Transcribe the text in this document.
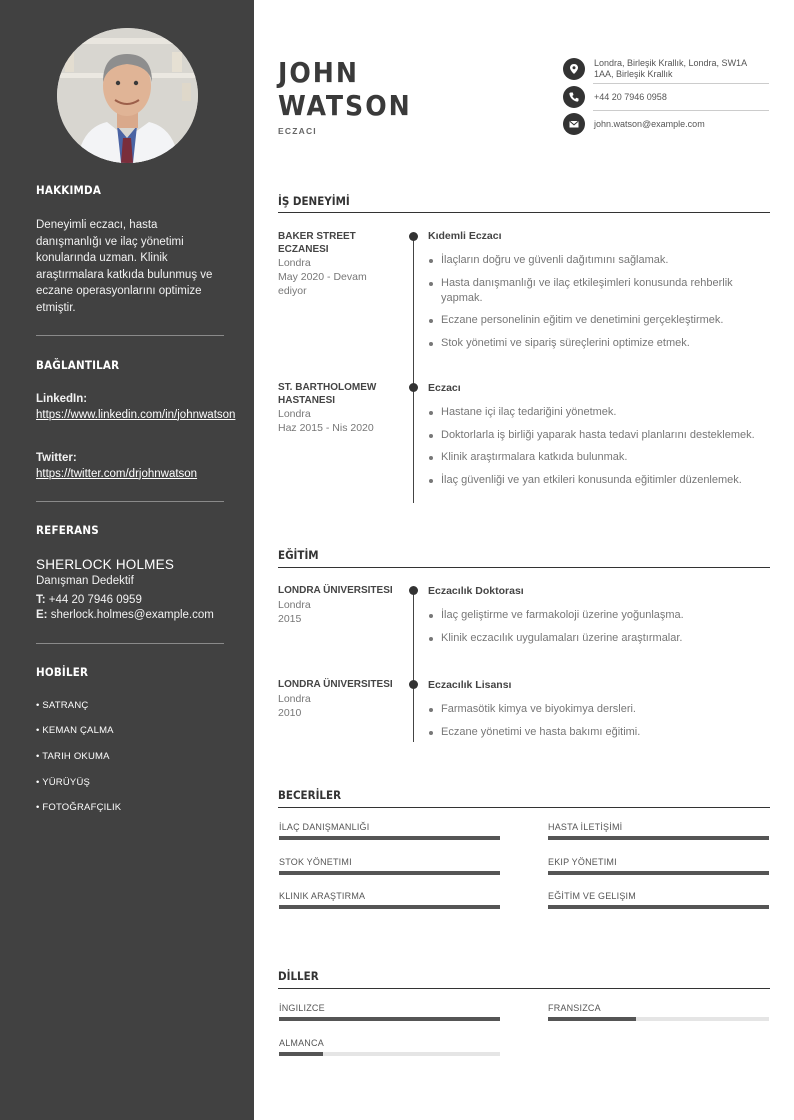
HAKKIMDA
Deneyimli eczacı, hasta danışmanlığı ve ilaç yönetimi konularında uzman. Klinik araştırmalara katkıda bulunmuş ve eczane operasyonlarını optimize etmiştir.
BAĞLANTILAR
LinkedIn:
https://www.linkedin.com/in/johnwatson
Twitter:
https://twitter.com/drjohnwatson
REFERANS
SHERLOCK HOLMES
Danışman Dedektif
T: +44 20 7946 0959
E: sherlock.holmes@example.com
HOBİLER
• SATRANÇ
• KEMAN ÇALMA
• TARIH OKUMA
• YÜRÜYÜŞ
• FOTOĞRAFÇILIK
JOHN
WATSON
ECZACI
Londra, Birleşik Krallık, Londra, SW1A 1AA, Birleşik Krallık
+44 20 7946 0958
john.watson@example.com
İŞ DENEYİMİ
BAKER STREET ECZANESI
Londra
May 2020 - Devam ediyor
Kıdemli Eczacı
İlaçların doğru ve güvenli dağıtımını sağlamak.
Hasta danışmanlığı ve ilaç etkileşimleri konusunda rehberlik yapmak.
Eczane personelinin eğitim ve denetimini gerçekleştirmek.
Stok yönetimi ve sipariş süreçlerini optimize etmek.
ST. BARTHOLOMEW HASTANESI
Londra
Haz 2015 - Nis 2020
Eczacı
Hastane içi ilaç tedariğini yönetmek.
Doktorlarla iş birliği yaparak hasta tedavi planlarını desteklemek.
Klinik araştırmalara katkıda bulunmak.
İlaç güvenliği ve yan etkileri konusunda eğitimler düzenlemek.
EĞİTİM
LONDRA ÜNIVERSITESI
Londra
2015
Eczacılık Doktorası
İlaç geliştirme ve farmakoloji üzerine yoğunlaşma.
Klinik eczacılık uygulamaları üzerine araştırmalar.
LONDRA ÜNIVERSITESI
Londra
2010
Eczacılık Lisansı
Farmasötik kimya ve biyokimya dersleri.
Eczane yönetimi ve hasta bakımı eğitimi.
BECERİLER
İLAÇ DANIŞMANLIĞI	HASTA İLETİŞİMİ
STOK YÖNETIMI	EKIP YÖNETIMI
KLINIK ARAŞTIRMA	EĞİTİM VE GELIŞIM
DİLLER
İNGILIZCE	FRANSIZCA
ALMANCA
